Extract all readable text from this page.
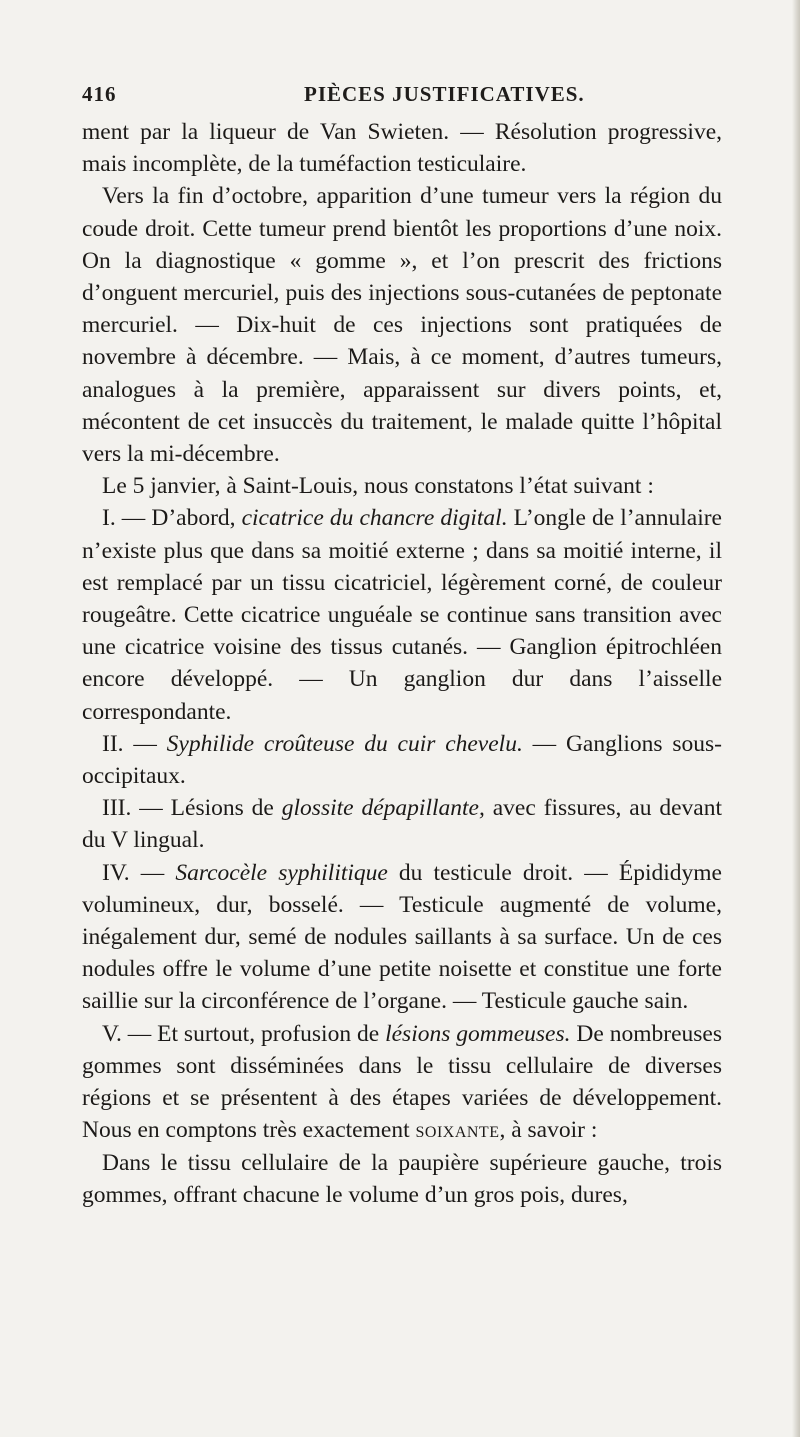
416	PIÈCES JUSTIFICATIVES.

ment par la liqueur de Van Swieten. — Résolution progressive, mais incomplète, de la tuméfaction testiculaire.

Vers la fin d’octobre, apparition d’une tumeur vers la région du coude droit. Cette tumeur prend bientôt les proportions d’une noix. On la diagnostique « gomme », et l’on prescrit des frictions d’onguent mercuriel, puis des injections sous-cutanées de peptonate mercuriel. — Dix-huit de ces injections sont pratiquées de novembre à décembre. — Mais, à ce moment, d’autres tumeurs, analogues à la première, apparaissent sur divers points, et, mécontent de cet insuccès du traitement, le malade quitte l’hôpital vers la mi-décembre.

Le 5 janvier, à Saint-Louis, nous constatons l’état suivant :

I. — D’abord, cicatrice du chancre digital. L’ongle de l’annulaire n’existe plus que dans sa moitié externe ; dans sa moitié interne, il est remplacé par un tissu cicatriciel, légèrement corné, de couleur rougeâtre. Cette cicatrice unguéale se continue sans transition avec une cicatrice voisine des tissus cutanés. — Ganglion épitrochléen encore développé. — Un ganglion dur dans l’aisselle correspondante.

II. — Syphilide croûteuse du cuir chevelu. — Ganglions sous-occipitaux.

III. — Lésions de glossite dépapillante, avec fissures, au devant du V lingual.

IV. — Sarcocèle syphilitique du testicule droit. — Épididyme volumineux, dur, bosselé. — Testicule augmenté de volume, inégalement dur, semé de nodules saillants à sa surface. Un de ces nodules offre le volume d’une petite noisette et constitue une forte saillie sur la circonférence de l’organe. — Testicule gauche sain.

V. — Et surtout, profusion de lésions gommeuses. De nombreuses gommes sont disséminées dans le tissu cellulaire de diverses régions et se présentent à des étapes variées de développement. Nous en comptons très exactement soixante, à savoir :

Dans le tissu cellulaire de la paupière supérieure gauche, trois gommes, offrant chacune le volume d’un gros pois, dures,
